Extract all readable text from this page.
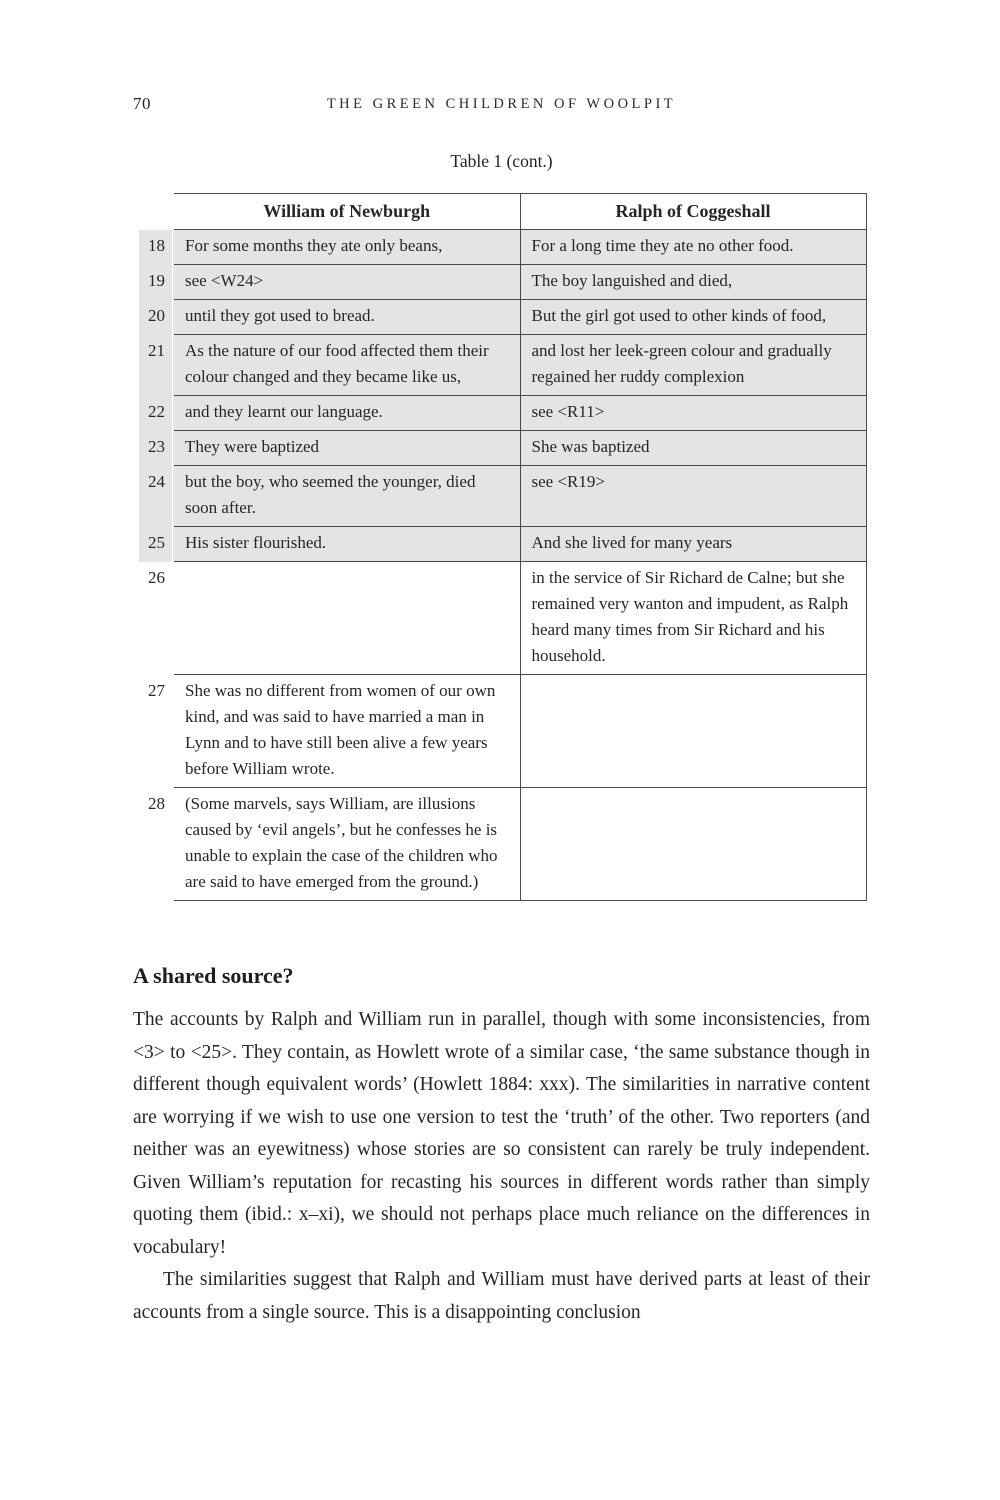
70	THE GREEN CHILDREN OF WOOLPIT
Table 1 (cont.)
	William of Newburgh	Ralph of Coggeshall
18	For some months they ate only beans,	For a long time they ate no other food.
19	see <W24>	The boy languished and died,
20	until they got used to bread.	But the girl got used to other kinds of food,
21	As the nature of our food affected them their colour changed and they became like us,	and lost her leek-green colour and gradually regained her ruddy complexion
22	and they learnt our language.	see <R11>
23	They were baptized	She was baptized
24	but the boy, who seemed the younger, died soon after.	see <R19>
25	His sister flourished.	And she lived for many years
26		in the service of Sir Richard de Calne; but she remained very wanton and impudent, as Ralph heard many times from Sir Richard and his household.
27	She was no different from women of our own kind, and was said to have married a man in Lynn and to have still been alive a few years before William wrote.	
28	(Some marvels, says William, are illusions caused by ‘evil angels’, but he confesses he is unable to explain the case of the children who are said to have emerged from the ground.)	
A shared source?

The accounts by Ralph and William run in parallel, though with some inconsistencies, from <3> to <25>. They contain, as Howlett wrote of a similar case, ‘the same substance though in different though equivalent words’ (Howlett 1884: xxx). The similarities in narrative content are worrying if we wish to use one version to test the ‘truth’ of the other. Two reporters (and neither was an eyewitness) whose stories are so consistent can rarely be truly independent. Given William’s reputation for recasting his sources in different words rather than simply quoting them (ibid.: x–xi), we should not perhaps place much reliance on the differences in vocabulary!

The similarities suggest that Ralph and William must have derived parts at least of their accounts from a single source. This is a disappointing conclusion
